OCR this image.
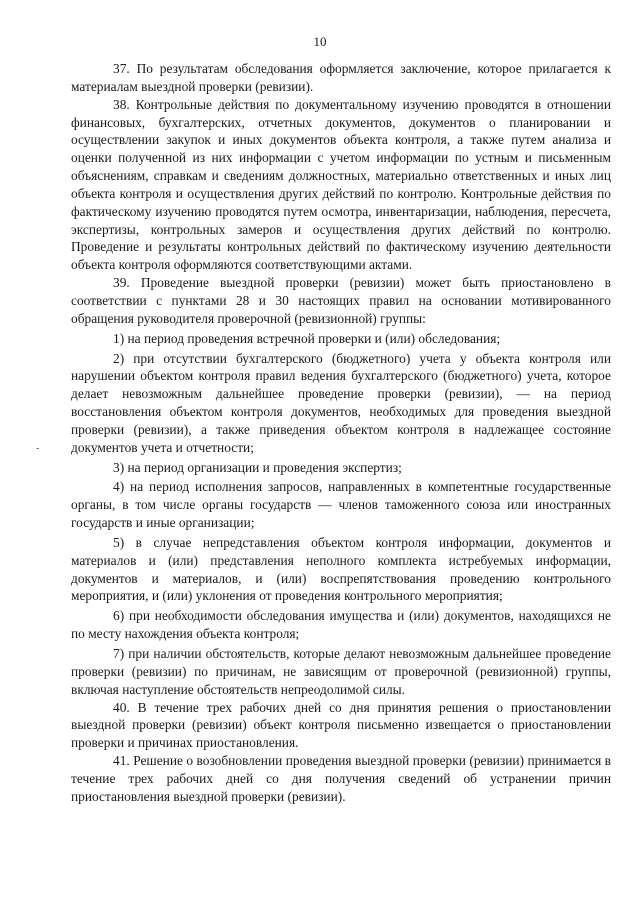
10
-

37. По результатам обследования оформляется заключение, которое прилагается к материалам выездной проверки (ревизии).

38. Контрольные действия по документальному изучению проводятся в отношении финансовых, бухгалтерских, отчетных документов, документов о планировании и осуществлении закупок и иных документов объекта контроля, а также путем анализа и оценки полученной из них информации с учетом информации по устным и письменным объяснениям, справкам и сведениям должностных, материально ответственных и иных лиц объекта контроля и осуществления других действий по контролю. Контрольные действия по фактическому изучению проводятся путем осмотра, инвентаризации, наблюдения, пересчета, экспертизы, контрольных замеров и осуществления других действий по контролю. Проведение и результаты контрольных действий по фактическому изучению деятельности объекта контроля оформляются соответствующими актами.

39. Проведение выездной проверки (ревизии) может быть приостановлено в соответствии с пунктами 28 и 30 настоящих правил на основании мотивированного обращения руководителя проверочной (ревизионной) группы:

1) на период проведения встречной проверки и (или) обследования;

2) при отсутствии бухгалтерского (бюджетного) учета у объекта контроля или нарушении объектом контроля правил ведения бухгалтерского (бюджетного) учета, которое делает невозможным дальнейшее проведение проверки (ревизии), — на период восстановления объектом контроля документов, необходимых для проведения выездной проверки (ревизии), а также приведения объектом контроля в надлежащее состояние документов учета и отчетности;

3) на период организации и проведения экспертиз;

4) на период исполнения запросов, направленных в компетентные государственные органы, в том числе органы государств — членов таможенного союза или иностранных государств и иные организации;

5) в случае непредставления объектом контроля информации, документов и материалов и (или) представления неполного комплекта истребуемых информации, документов и материалов, и (или) воспрепятствования проведению контрольного мероприятия, и (или) уклонения от проведения контрольного мероприятия;

6) при необходимости обследования имущества и (или) документов, находящихся не по месту нахождения объекта контроля;

7) при наличии обстоятельств, которые делают невозможным дальнейшее проведение проверки (ревизии) по причинам, не зависящим от проверочной (ревизионной) группы, включая наступление обстоятельств непреодолимой силы.

40. В течение трех рабочих дней со дня принятия решения о приостановлении выездной проверки (ревизии) объект контроля письменно извещается о приостановлении проверки и причинах приостановления.

41. Решение о возобновлении проведения выездной проверки (ревизии) принимается в течение трех рабочих дней со дня получения сведений об устранении причин приостановления выездной проверки (ревизии).
